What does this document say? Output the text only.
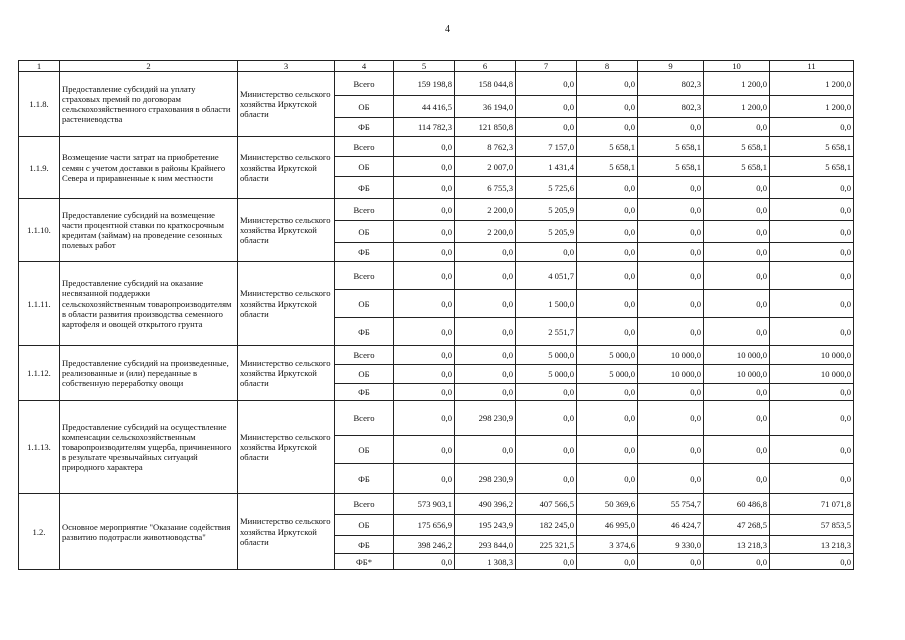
4
1	2	3	4	5	6	7	8	9	10	11
1.1.8.	Предоставление субсидий на уплату страховых премий по договорам сельскохозяйственного страхования в области растениеводства	Министерство сельского хозяйства Иркутской области	Всего	159 198,8	158 044,8	0,0	0,0	802,3	1 200,0	1 200,0
			ОБ	44 416,5	36 194,0	0,0	0,0	802,3	1 200,0	1 200,0
			ФБ	114 782,3	121 850,8	0,0	0,0	0,0	0,0	0,0
1.1.9.	Возмещение части затрат на приобретение семян с учетом доставки в районы Крайнего Севера и приравненные к ним местности	Министерство сельского хозяйства Иркутской области	Всего	0,0	8 762,3	7 157,0	5 658,1	5 658,1	5 658,1	5 658,1
			ОБ	0,0	2 007,0	1 431,4	5 658,1	5 658,1	5 658,1	5 658,1
			ФБ	0,0	6 755,3	5 725,6	0,0	0,0	0,0	0,0
1.1.10.	Предоставление субсидий на возмещение части процентной ставки по краткосрочным кредитам (займам) на проведение сезонных полевых работ	Министерство сельского хозяйства Иркутской области	Всего	0,0	2 200,0	5 205,9	0,0	0,0	0,0	0,0
			ОБ	0,0	2 200,0	5 205,9	0,0	0,0	0,0	0,0
			ФБ	0,0	0,0	0,0	0,0	0,0	0,0	0,0
1.1.11.	Предоставление субсидий на оказание несвязанной поддержки сельскохозяйственным товаропроизводителям в области развития производства семенного картофеля и овощей открытого грунта	Министерство сельского хозяйства Иркутской области	Всего	0,0	0,0	4 051,7	0,0	0,0	0,0	0,0
			ОБ	0,0	0,0	1 500,0	0,0	0,0	0,0	0,0
			ФБ	0,0	0,0	2 551,7	0,0	0,0	0,0	0,0
1.1.12.	Предоставление субсидий на произведенные, реализованные и (или) переданные в собственную переработку овощи	Министерство сельского хозяйства Иркутской области	Всего	0,0	0,0	5 000,0	5 000,0	10 000,0	10 000,0	10 000,0
			ОБ	0,0	0,0	5 000,0	5 000,0	10 000,0	10 000,0	10 000,0
			ФБ	0,0	0,0	0,0	0,0	0,0	0,0	0,0
1.1.13.	Предоставление субсидий на осуществление компенсации сельскохозяйственным товаропроизводителям ущерба, причиненного в результате чрезвычайных ситуаций природного характера	Министерство сельского хозяйства Иркутской области	Всего	0,0	298 230,9	0,0	0,0	0,0	0,0	0,0
			ОБ	0,0	0,0	0,0	0,0	0,0	0,0	0,0
			ФБ	0,0	298 230,9	0,0	0,0	0,0	0,0	0,0
1.2.	Основное мероприятие "Оказание содействия развитию подотрасли животноводства"	Министерство сельского хозяйства Иркутской области	Всего	573 903,1	490 396,2	407 566,5	50 369,6	55 754,7	60 486,8	71 071,8
			ОБ	175 656,9	195 243,9	182 245,0	46 995,0	46 424,7	47 268,5	57 853,5
			ФБ	398 246,2	293 844,0	225 321,5	3 374,6	9 330,0	13 218,3	13 218,3
			ФБ*	0,0	1 308,3	0,0	0,0	0,0	0,0	0,0
